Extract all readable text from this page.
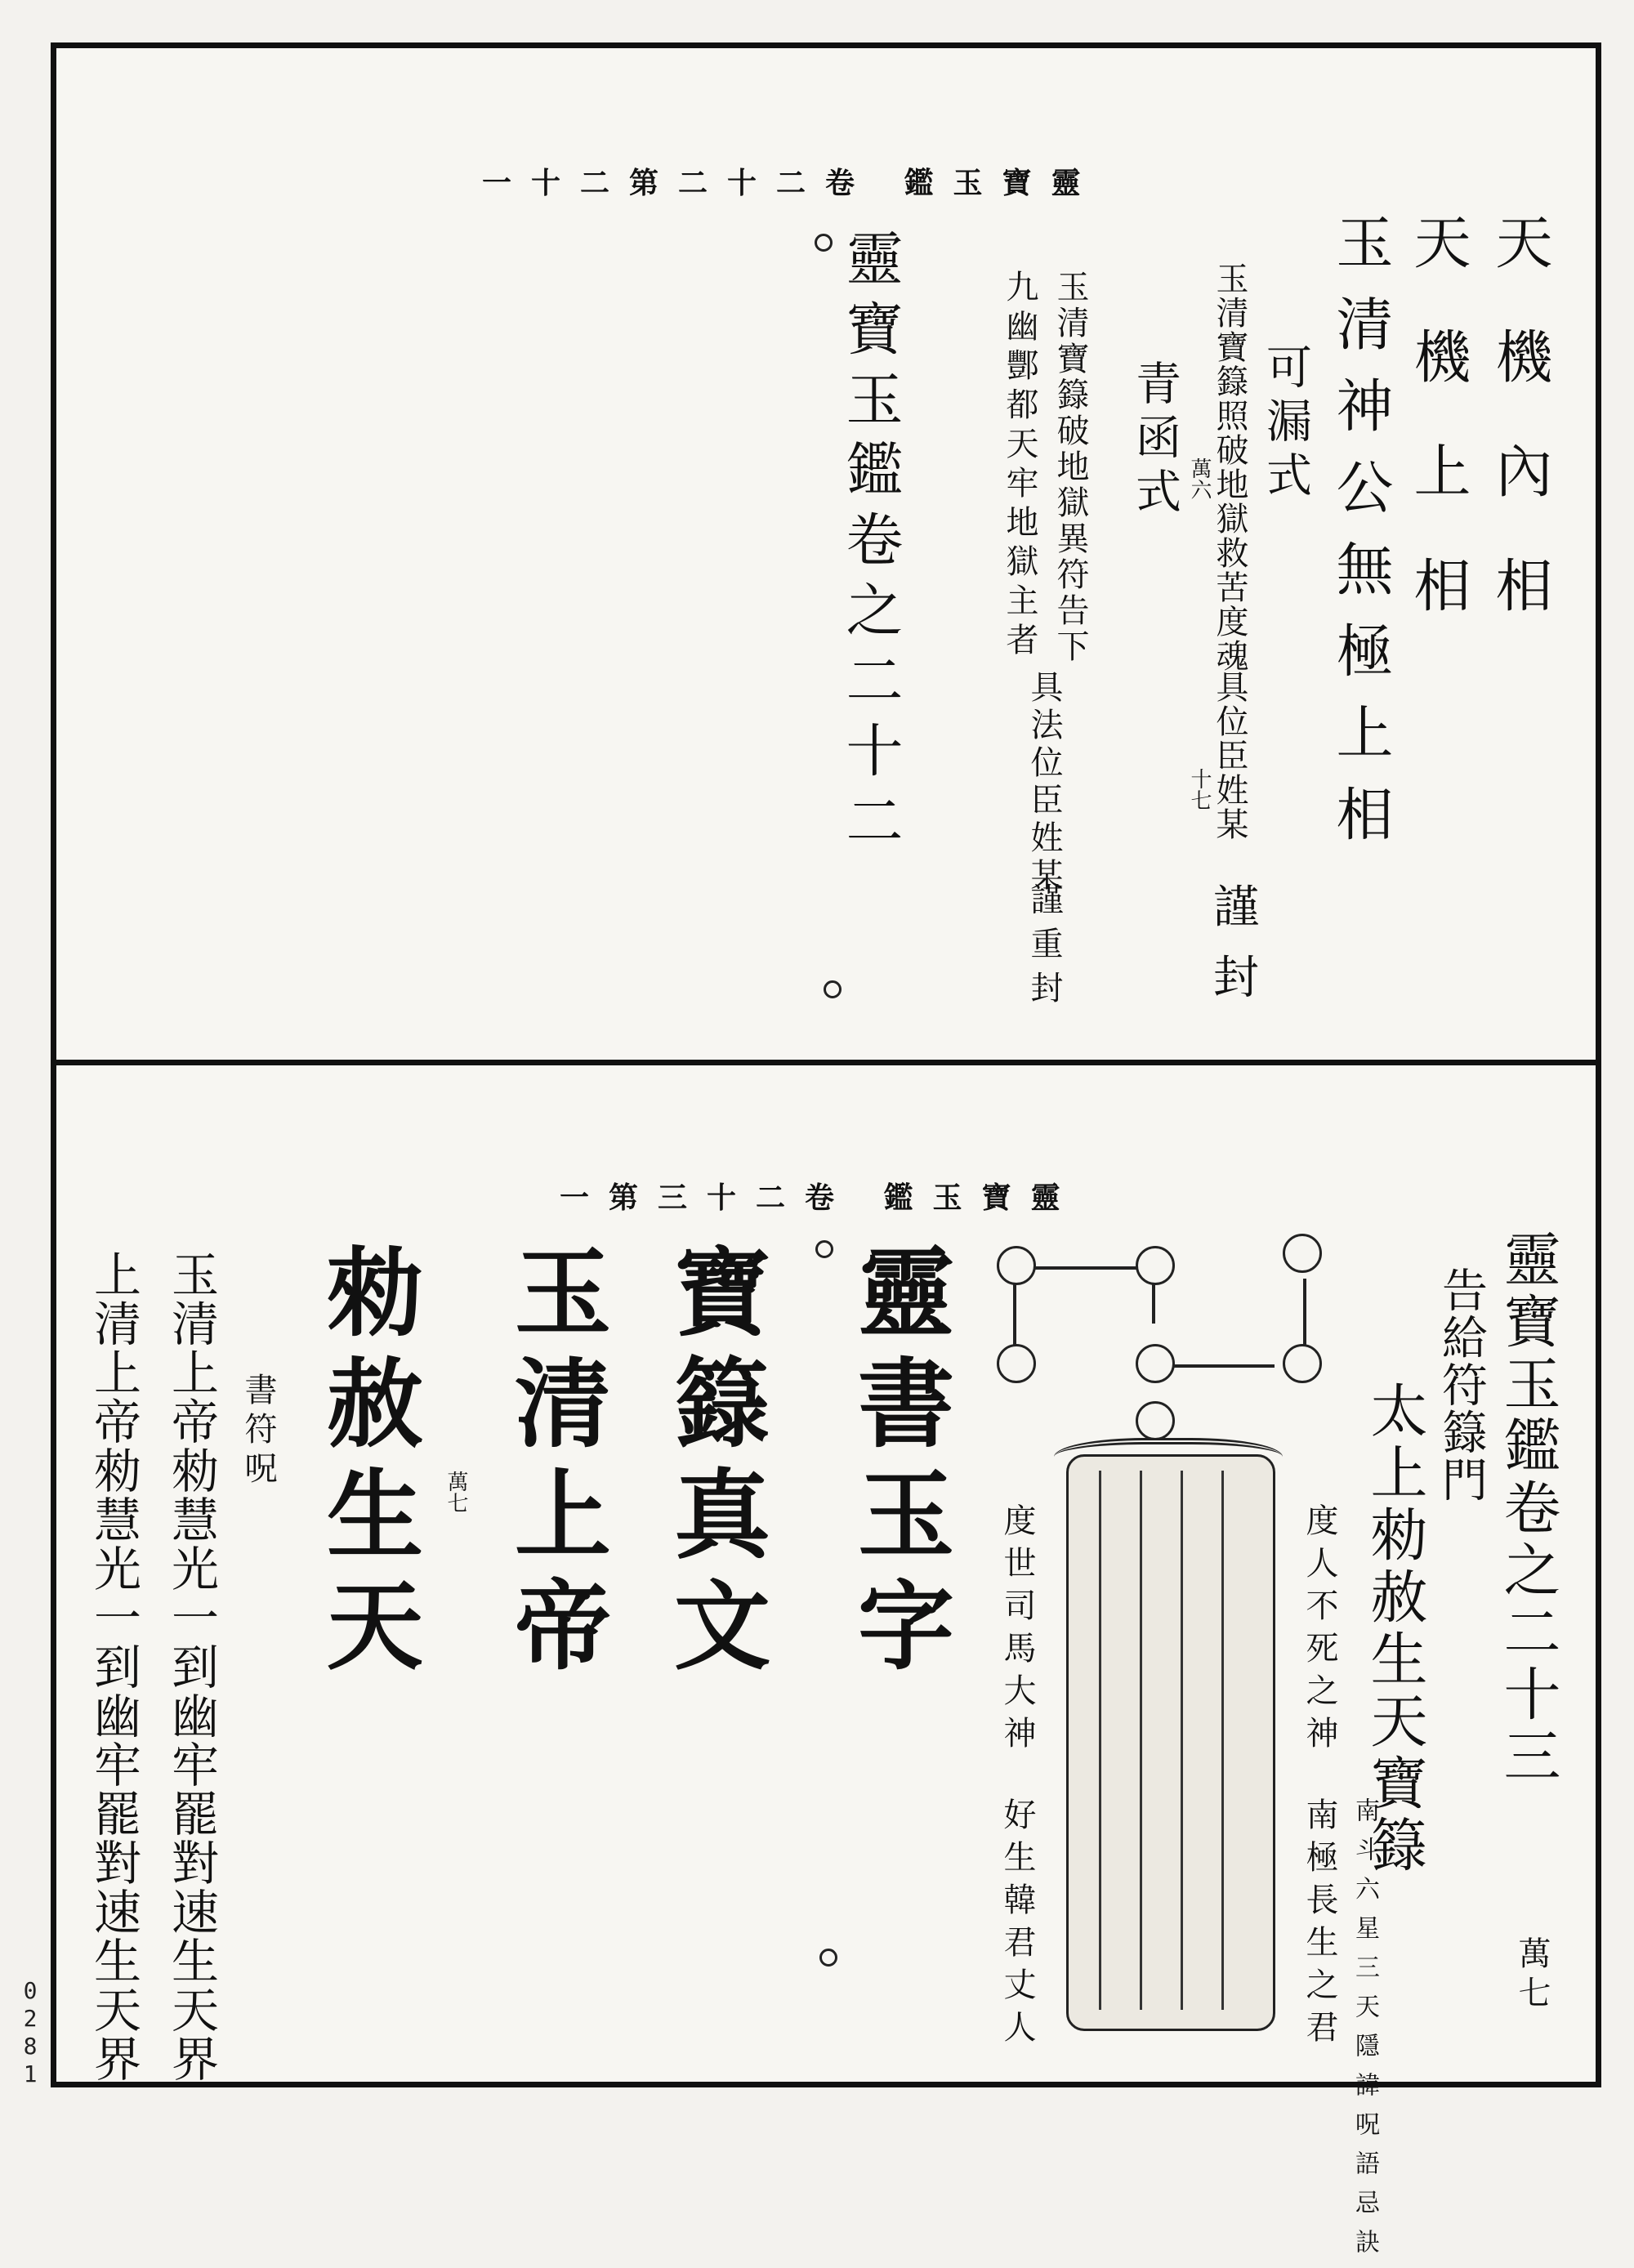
一十二第二十二卷 鑑玉寶靈
天機內相
天機上相
玉清神公無極上相
可漏式
玉清寶籙照破地獄救苦度魂
萬六
具位臣姓某
十七
謹封
青函式
玉清寶籙破地獄異符告下
九幽酆都天牢地獄主者
具法位臣姓某
謹重封
靈寶玉鑑卷之二十二
一第三十二卷 鑑玉寶靈
靈寶玉鑑卷之二十三
告給符籙門
太上勑赦生天寶籙
南斗六星三天隱諱呪語忌訣	萬七
度人不死之神
南極長生之君
度世司馬大神
好生韓君丈人
靈書玉字
寶籙真文
玉清上帝
勑赦生天 萬七
書符呪
玉清上帝勑慧光一到幽牢罷對速生天界
上清上帝勑慧光一到幽牢罷對速生天界
0281
